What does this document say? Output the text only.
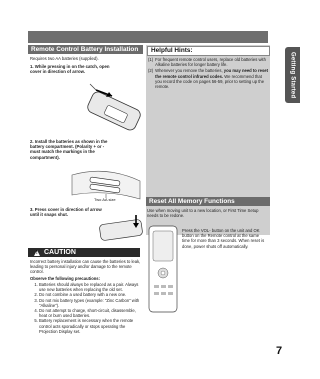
Getting Started
Remote Control Battery Installation
Requires two AA batteries (supplied).
1. While pressing in on the catch, open cover in direction of arrow.
2. Install the batteries as shown in the battery compartment. (Polarity + or - must match the markings in the compartment).
Two AA size
3. Press cover in direction of arrow until it snaps shut.
!
CAUTION
Incorrect battery installation can cause the batteries to leak, leading to personal injury and/or damage to the remote control.
Observe the following precautions:
1. Batteries should always be replaced as a pair. Always use new batteries when replacing the old set.
2. Do not combine a used battery with a new one.
3. Do not mix battery types (example: "Zinc Carbon" with "Alkaline").
4. Do not attempt to charge, short-circuit, disassemble, heat or burn used batteries.
5. Battery replacement is necessary when the remote control acts sporadically or stops operating the Projection Display set.
Helpful Hints:
(1) For frequent remote control users, replace old batteries with Alkaline batteries for longer battery life.
(2) Whenever you remove the batteries, you may need to reset the remote control infrared codes. We recommend that you record the code on pages 56-59, prior to setting up the remote.
Reset All Memory Functions
Use when moving unit to a new location, or First Time Setup needs to be redone.
Press the VOL- button on the unit and OK button on the Remote control at the same time for more than 3 seconds. When reset is done, power shuts off automatically.
7
